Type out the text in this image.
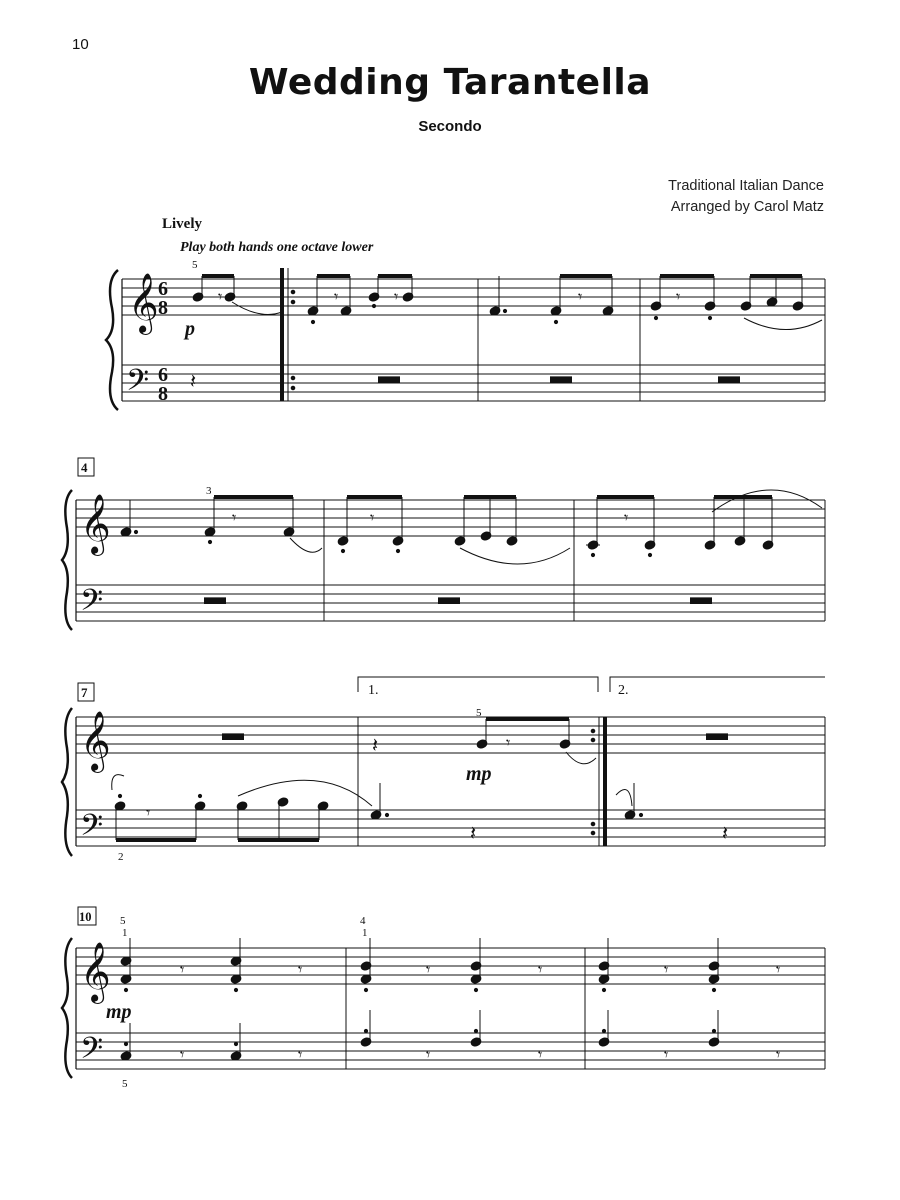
10
Wedding Tarantella
Secondo
Traditional Italian Dance
Arranged by Carol Matz
Lively
Play both hands one octave lower
𝄞
𝄢
6
8
6
8
5
𝄾
p
𝄽
𝄾	𝄾
▬
𝄾
▬
𝄾
▬
4
𝄞
𝄢
3
𝄾
▬
𝄾
▬
𝄾
▬
7	1.	2.
𝄞
𝄢
▬
𝄾
2
𝄽
5
𝄾
mp
𝄽
▬
𝄽
10
𝄞
𝄢
5
1
𝄾	𝄾
mp
𝄾	𝄾
5
4
1
𝄾	𝄾
𝄾	𝄾
𝄾	𝄾
𝄾	𝄾
